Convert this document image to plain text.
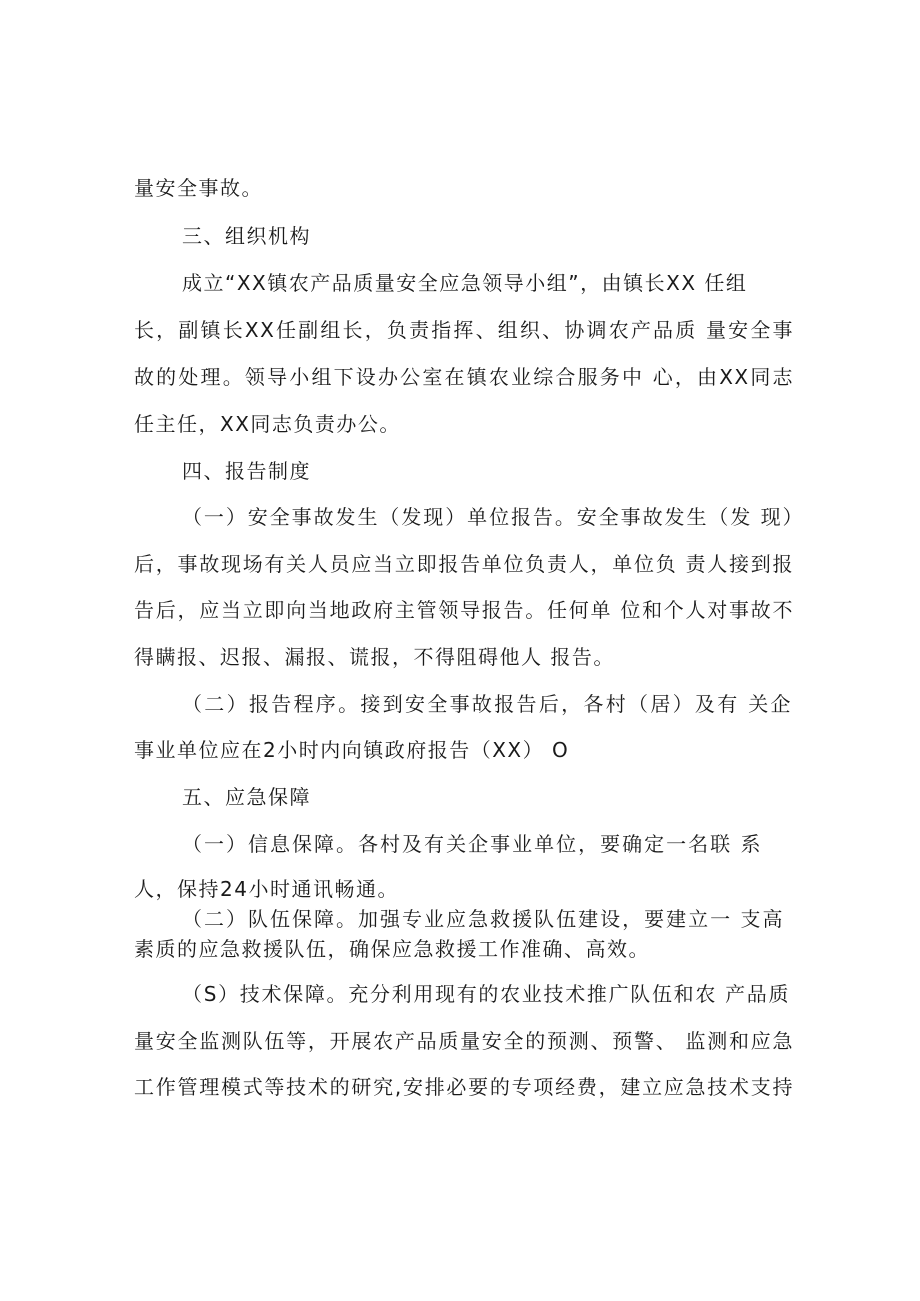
量安全事故。
三、组织机构
成立“XX镇农产品质量安全应急领导小组”，由镇长XX 任组
长，副镇长XX任副组长，负责指挥、组织、协调农产品质 量安全事
故的处理。领导小组下设办公室在镇农业综合服务中 心，由XX同志
任主任，XX同志负责办公。
四、报告制度
（一）安全事故发生（发现）单位报告。安全事故发生（发 现）
后，事故现场有关人员应当立即报告单位负责人，单位负 责人接到报
告后，应当立即向当地政府主管领导报告。任何单 位和个人对事故不
得瞒报、迟报、漏报、谎报，不得阻碍他人 报告。
（二）报告程序。接到安全事故报告后，各村（居）及有 关企
事业单位应在2小时内向镇政府报告（XX） O
五、应急保障
（一）信息保障。各村及有关企事业单位，要确定一名联 系
人，保持24小时通讯畅通。
（二）队伍保障。加强专业应急救援队伍建设，要建立一 支高
素质的应急救援队伍，确保应急救援工作准确、高效。
（S）技术保障。充分利用现有的农业技术推广队伍和农 产品质
量安全监测队伍等，开展农产品质量安全的预测、预警、 监测和应急
工作管理模式等技术的研究,安排必要的专项经费，建立应急技术支持
